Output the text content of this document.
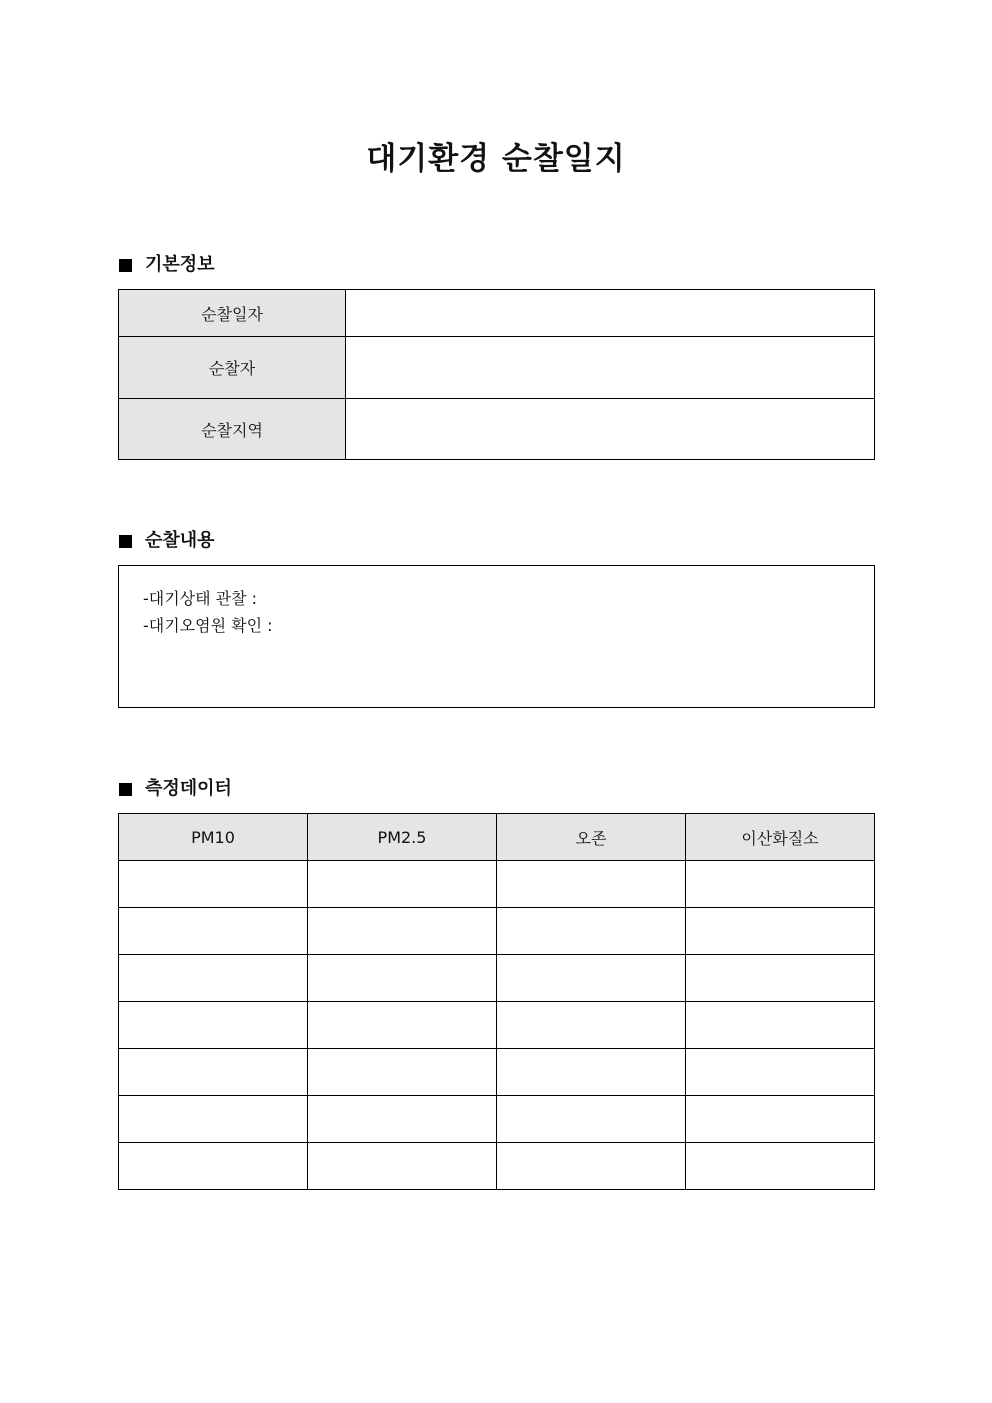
대기환경 순찰일지
기본정보
순찰일자	
순찰자	
순찰지역	
순찰내용
-대기상태 관찰 :
-대기오염원 확인 :
측정데이터
PM10	PM2.5	오존	이산화질소
